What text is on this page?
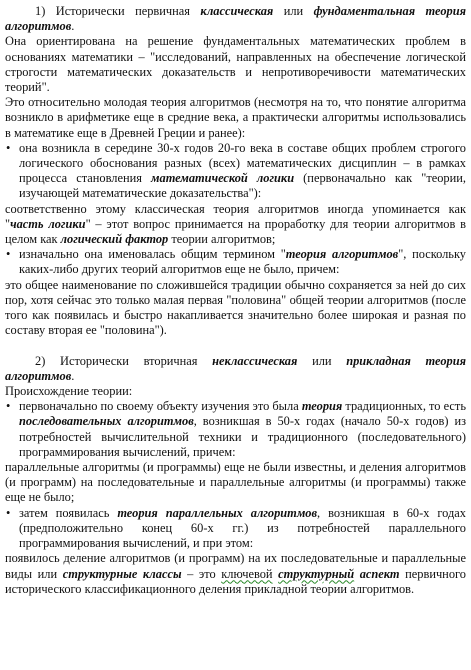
1) Исторически первичная классическая или фундаментальная теория алгоритмов.

Она ориентирована на решение фундаментальных математических проблем в основаниях математики – "исследований, направленных на обеспечение логической строгости математических доказательств и непротиворечивости математических теорий".

Это относительно молодая теория алгоритмов (несмотря на то, что понятие алгоритма возникло в арифметике еще в средние века, а практически алгоритмы использовались в математике еще в Древней Греции и ранее):

• она возникла в середине 30-х годов 20-го века в составе общих проблем строгого логического обоснования разных (всех) математических дисциплин – в рамках процесса становления математической логики (первоначально как "теории, изучающей математические доказательства"):

соответственно этому классическая теория алгоритмов иногда упоминается как "часть логики" – этот вопрос принимается на проработку для теории алгоритмов в целом как логический фактор теории алгоритмов;

• изначально она именовалась общим термином "теория алгоритмов", поскольку каких-либо других теорий алгоритмов еще не было, причем:

это общее наименование по сложившейся традиции обычно сохраняется за ней до сих пор, хотя сейчас это только малая первая "половина" общей теории алгоритмов (после того как появилась и быстро накапливается значительно более широкая и разная по составу вторая ее "половина").

2) Исторически вторичная неклассическая или прикладная теория алгоритмов.

Происхождение теории:

• первоначально по своему объекту изучения это была теория традиционных, то есть последовательных алгоритмов, возникшая в 50-х годах (начало 50-х годов) из потребностей вычислительной техники и традиционного (последовательного) программирования вычислений, причем:

параллельные алгоритмы (и программы) еще не были известны, и деления алгоритмов (и программ) на последовательные и параллельные алгоритмы (и программы) также еще не было;

• затем появилась теория параллельных алгоритмов, возникшая в 60-х годах (предположительно конец 60-х гг.) из потребностей параллельного программирования вычислений, и при этом:

появилось деление алгоритмов (и программ) на их последовательные и параллельные виды или структурные классы – это ключевой структурный аспект первичного исторического классификационного деления прикладной теории алгоритмов.
